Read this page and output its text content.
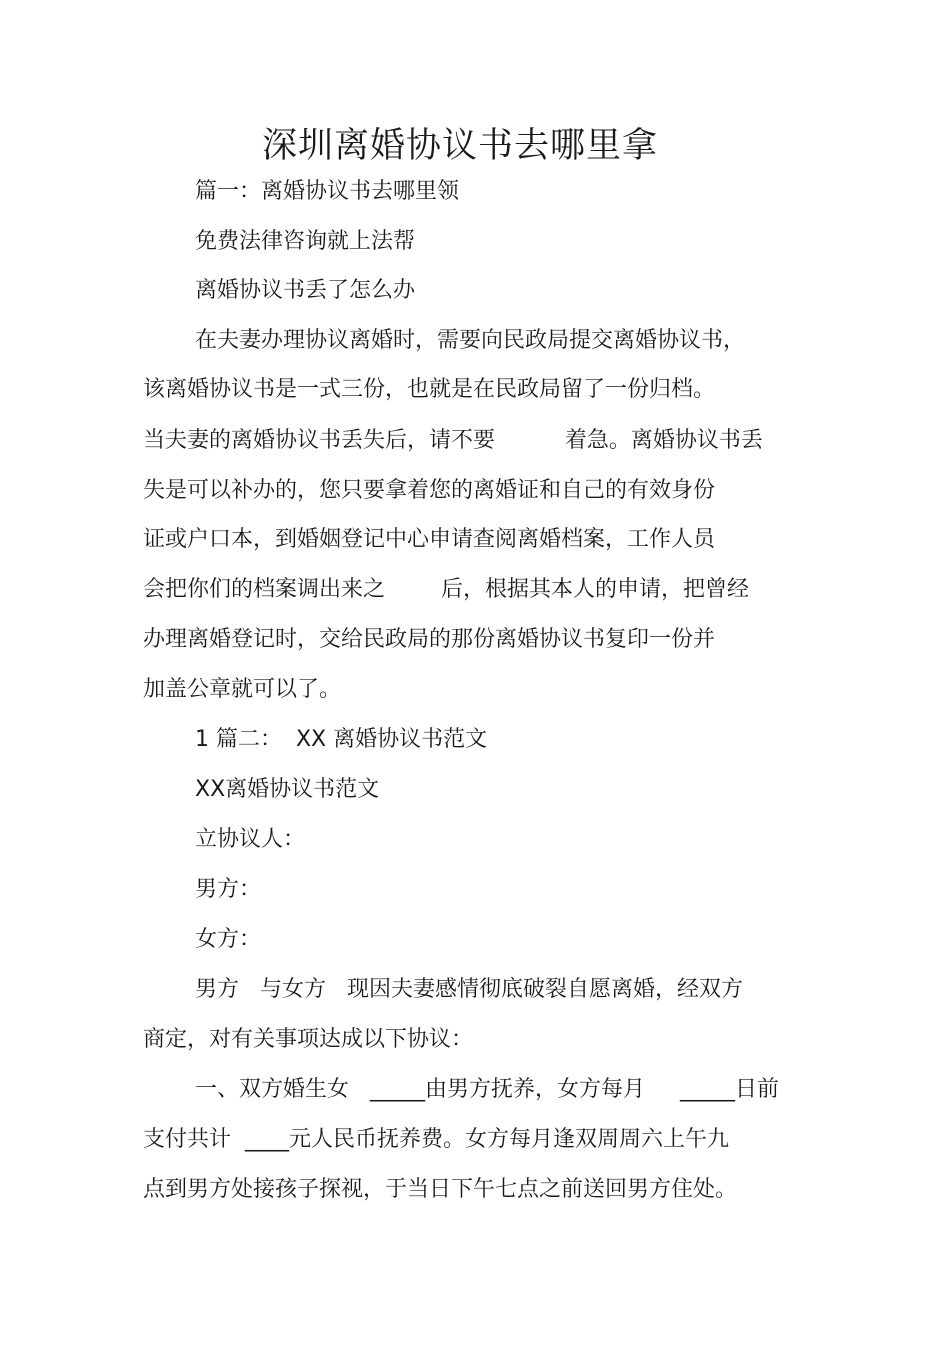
深圳离婚协议书去哪里拿
篇一：离婚协议书去哪里领
免费法律咨询就上法帮
离婚协议书丢了怎么办
在夫妻办理协议离婚时，需要向民政局提交离婚协议书，
该离婚协议书是一式三份，也就是在民政局留了一份归档。
当夫妻的离婚协议书丢失后，请不要          着急。离婚协议书丢
失是可以补办的，您只要拿着您的离婚证和自己的有效身份
证或户口本，到婚姻登记中心申请查阅离婚档案，工作人员
会把你们的档案调出来之        后，根据其本人的申请，把曾经
办理离婚登记时，交给民政局的那份离婚协议书复印一份并
加盖公章就可以了。
1 篇二：  XX 离婚协议书范文
XX离婚协议书范文
立协议人：
男方：
女方：
男方   与女方   现因夫妻感情彻底破裂自愿离婚，经双方
商定，对有关事项达成以下协议：
一、双方婚生女   _____由男方抚养，女方每月     _____日前
支付共计  ____元人民币抚养费。女方每月逢双周周六上午九
点到男方处接孩子探视，于当日下午七点之前送回男方住处。
